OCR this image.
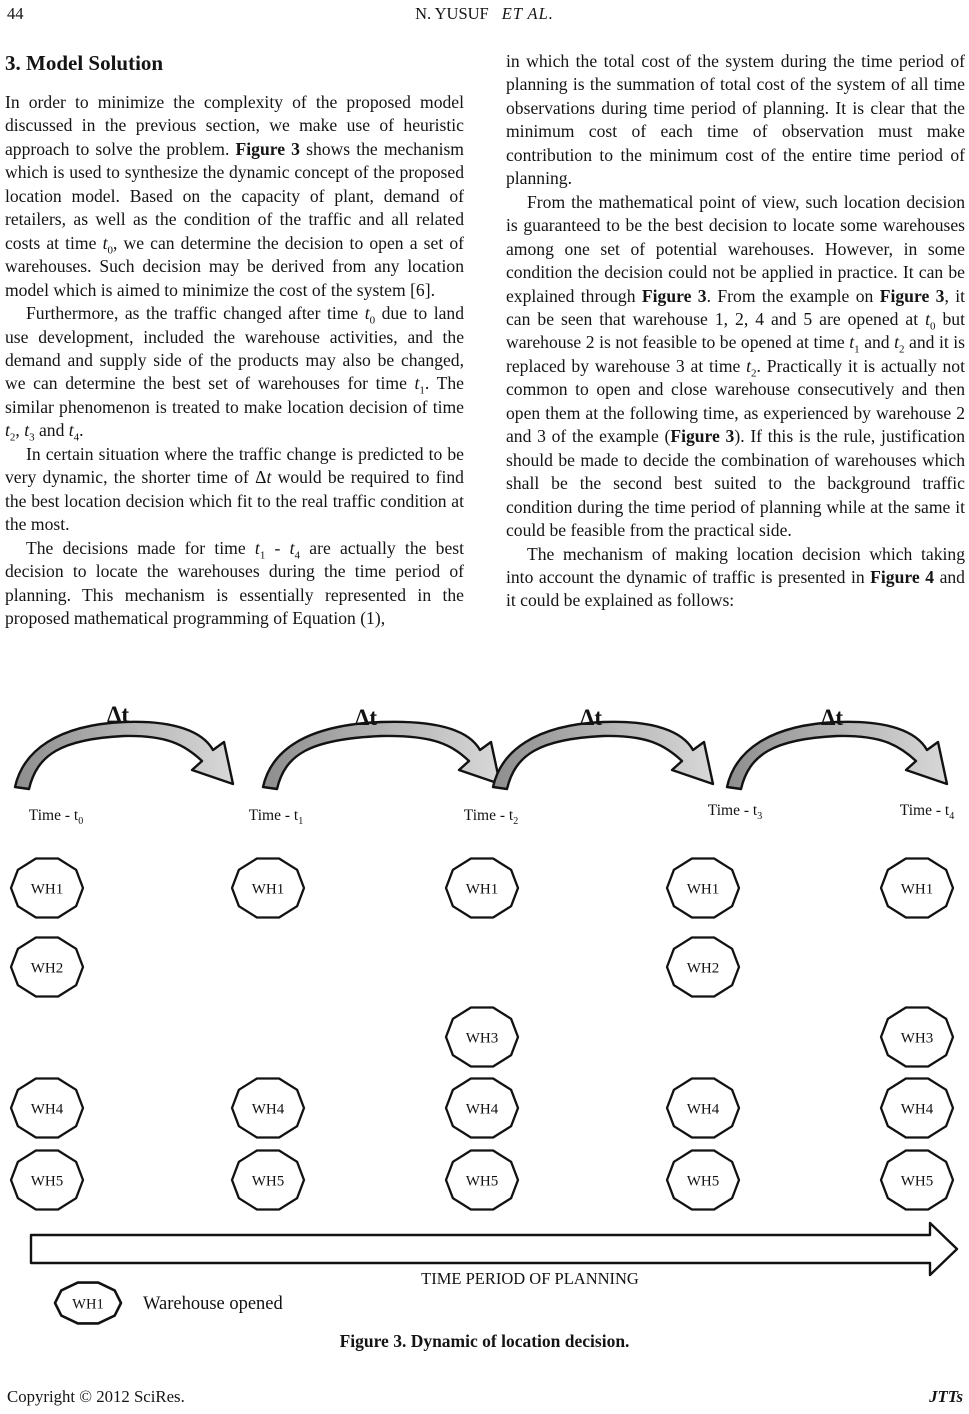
44	N. YUSUF ET AL.
3. Model Solution

In order to minimize the complexity of the proposed model discussed in the previous section, we make use of heuristic approach to solve the problem. Figure 3 shows the mechanism which is used to synthesize the dynamic concept of the proposed location model. Based on the capacity of plant, demand of retailers, as well as the condition of the traffic and all related costs at time $t_0$, we can determine the decision to open a set of warehouses. Such decision may be derived from any location model which is aimed to minimize the cost of the system [6].

Furthermore, as the traffic changed after time $t_0$ due to land use development, included the warehouse activities, and the demand and supply side of the products may also be changed, we can determine the best set of warehouses for time $t_1$. The similar phenomenon is treated to make location decision of time $t_2$, $t_3$ and $t_4$.

In certain situation where the traffic change is predicted to be very dynamic, the shorter time of Δt would be required to find the best location decision which fit to the real traffic condition at the most.

The decisions made for time $t_1 - t_4$ are actually the best decision to locate the warehouses during the time period of planning. This mechanism is essentially represented in the proposed mathematical programming of Equation (1),

in which the total cost of the system during the time period of planning is the summation of total cost of the system of all time observations during time period of planning. It is clear that the minimum cost of each time of observation must make contribution to the minimum cost of the entire time period of planning.

From the mathematical point of view, such location decision is guaranteed to be the best decision to locate some warehouses among one set of potential warehouses. However, in some condition the decision could not be applied in practice. It can be explained through Figure 3. From the example on Figure 3, it can be seen that warehouse 1, 2, 4 and 5 are opened at $t_0$ but warehouse 2 is not feasible to be opened at time $t_1$ and $t_2$ and it is replaced by warehouse 3 at time $t_2$. Practically it is actually not common to open and close warehouse consecutively and then open them at the following time, as experienced by warehouse 2 and 3 of the example (Figure 3). If this is the rule, justification should be made to decide the combination of warehouses which shall be the second best suited to the background traffic condition during the time period of planning while at the same it could be feasible from the practical side.

The mechanism of making location decision which taking into account the dynamic of traffic is presented in Figure 4 and it could be explained as follows:

Δt	Δt	Δt	Δt
Time - $t_0$
WH1
WH2
WH4
WH5
Time - $t_1$
WH1
WH4
WH5
Time - $t_2$
WH1
WH3
WH4
WH5
Time - $t_3$
WH1
WH2
WH4
WH5
Time - $t_4$
WH1
WH3
WH4
WH5
TIME PERIOD OF PLANNING
WH1 Warehouse opened
Figure 3. Dynamic of location decision.
Copyright © 2012 SciRes.	JTTs
